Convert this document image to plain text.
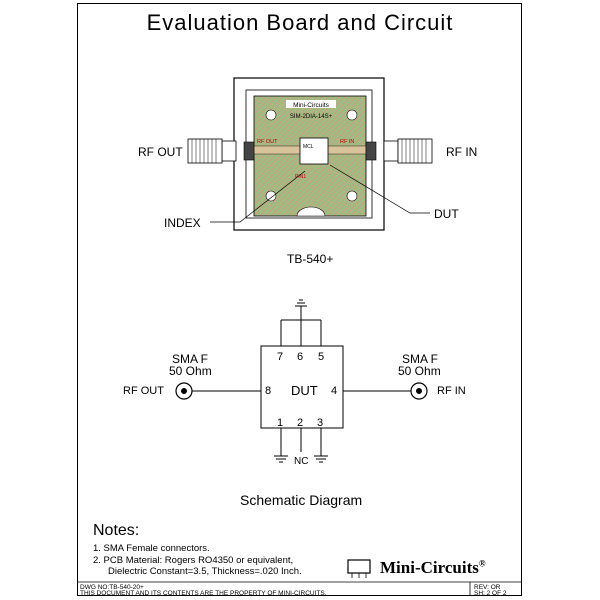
Evaluation Board and Circuit
Mini-Circuits
SIM-2DIA-14S+
RF OUT	RF IN
MCL
PIN1
RF OUT	RF IN
INDEX
DUT
TB-540+
SMA F
50 Ohm
SMA F
50 Ohm
RF OUT	RF IN
DUT
7 6 5
8	4
1 2 3
NC
Schematic Diagram
Notes:
1. SMA Female connectors.
2. PCB Material: Rogers RO4350 or equivalent,
Dielectric Constant=3.5, Thickness=.020 Inch.	Mini-Circuits®
DWG NO:TB-540-20+
THIS DOCUMENT AND ITS CONTENTS ARE THE PROPERTY OF MINI-CIRCUITS.
REV: OR
SH: 2 OF 2
